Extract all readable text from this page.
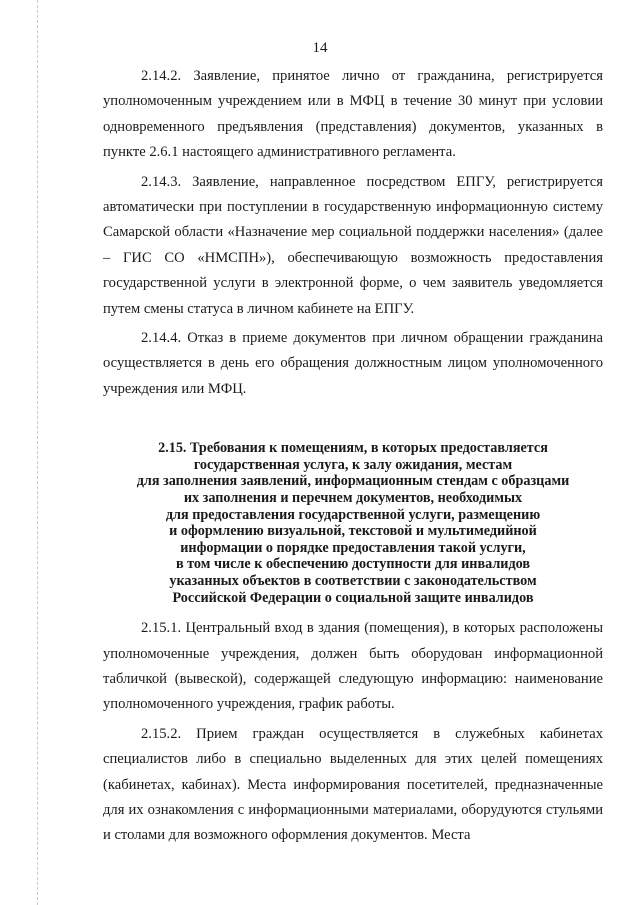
14

2.14.2. Заявление, принятое лично от гражданина, регистрируется уполномоченным учреждением или в МФЦ в течение 30 минут при условии одновременного предъявления (представления) документов, указанных в пункте 2.6.1 настоящего административного регламента.

2.14.3. Заявление, направленное посредством ЕПГУ, регистрируется автоматически при поступлении в государственную информационную систему Самарской области «Назначение мер социальной поддержки населения» (далее – ГИС СО «НМСПН»), обеспечивающую возможность предоставления государственной услуги в электронной форме, о чем заявитель уведомляется путем смены статуса в личном кабинете на ЕПГУ.

2.14.4. Отказ в приеме документов при личном обращении гражданина осуществляется в день его обращения должностным лицом уполномоченного учреждения или МФЦ.

2.15. Требования к помещениям, в которых предоставляется
государственная услуга, к залу ожидания, местам
для заполнения заявлений, информационным стендам с образцами
их заполнения и перечнем документов, необходимых
для предоставления государственной услуги, размещению
и оформлению визуальной, текстовой и мультимедийной
информации о порядке предоставления такой услуги,
в том числе к обеспечению доступности для инвалидов
указанных объектов в соответствии с законодательством
Российской Федерации о социальной защите инвалидов

2.15.1. Центральный вход в здания (помещения), в которых расположены уполномоченные учреждения, должен быть оборудован информационной табличкой (вывеской), содержащей следующую информацию: наименование уполномоченного учреждения, график работы.

2.15.2. Прием граждан осуществляется в служебных кабинетах специалистов либо в специально выделенных для этих целей помещениях (кабинетах, кабинах). Места информирования посетителей, предназначенные для их ознакомления с информационными материалами, оборудуются стульями и столами для возможного оформления документов. Места
